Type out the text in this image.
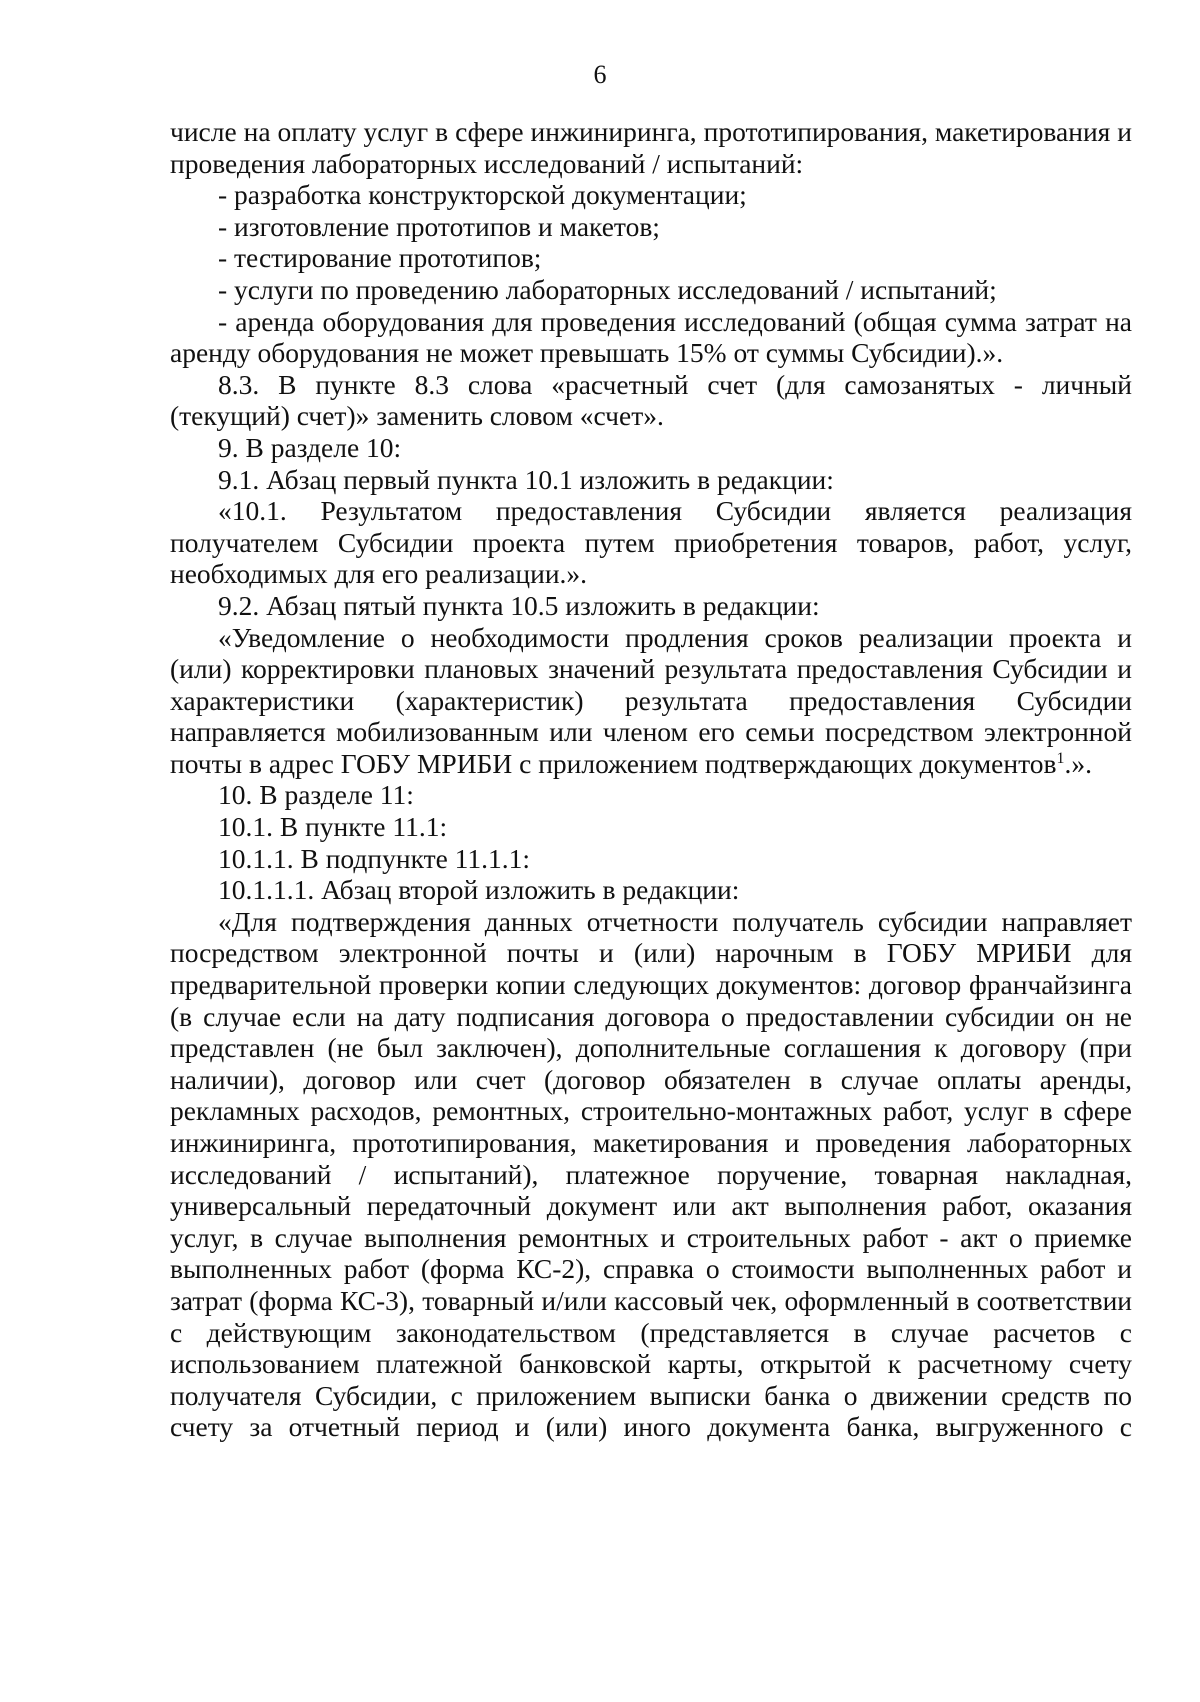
6

числе на оплату услуг в сфере инжиниринга, прототипирования, макетирования и проведения лабораторных исследований / испытаний:

- разработка конструкторской документации;

- изготовление прототипов и макетов;

- тестирование прототипов;

- услуги по проведению лабораторных исследований / испытаний;

- аренда оборудования для проведения исследований (общая сумма затрат на аренду оборудования не может превышать 15% от суммы Субсидии).».

8.3. В пункте 8.3 слова «расчетный счет (для самозанятых - личный (текущий) счет)» заменить словом «счет».

9. В разделе 10:

9.1. Абзац первый пункта 10.1 изложить в редакции:

«10.1. Результатом предоставления Субсидии является реализация получателем Субсидии проекта путем приобретения товаров, работ, услуг, необходимых для его реализации.».

9.2. Абзац пятый пункта 10.5 изложить в редакции:

«Уведомление о необходимости продления сроков реализации проекта и (или) корректировки плановых значений результата предоставления Субсидии и характеристики (характеристик) результата предоставления Субсидии направляется мобилизованным или членом его семьи посредством электронной почты в адрес ГОБУ МРИБИ с приложением подтверждающих документов$^1$.».

10. В разделе 11:

10.1. В пункте 11.1:

10.1.1. В подпункте 11.1.1:

10.1.1.1. Абзац второй изложить в редакции:

«Для подтверждения данных отчетности получатель субсидии направляет посредством электронной почты и (или) нарочным в ГОБУ МРИБИ для предварительной проверки копии следующих документов: договор франчайзинга (в случае если на дату подписания договора о предоставлении субсидии он не представлен (не был заключен), дополнительные соглашения к договору (при наличии), договор или счет (договор обязателен в случае оплаты аренды, рекламных расходов, ремонтных, строительно-монтажных работ, услуг в сфере инжиниринга, прототипирования, макетирования и проведения лабораторных исследований / испытаний), платежное поручение, товарная накладная, универсальный передаточный документ или акт выполнения работ, оказания услуг, в случае выполнения ремонтных и строительных работ - акт о приемке выполненных работ (форма КС-2), справка о стоимости выполненных работ и затрат (форма КС-3), товарный и/или кассовый чек, оформленный в соответствии с действующим законодательством (представляется в случае расчетов с использованием платежной банковской карты, открытой к расчетному счету получателя Субсидии, с приложением выписки банка о движении средств по счету за отчетный период и (или) иного документа банка, выгруженного с
